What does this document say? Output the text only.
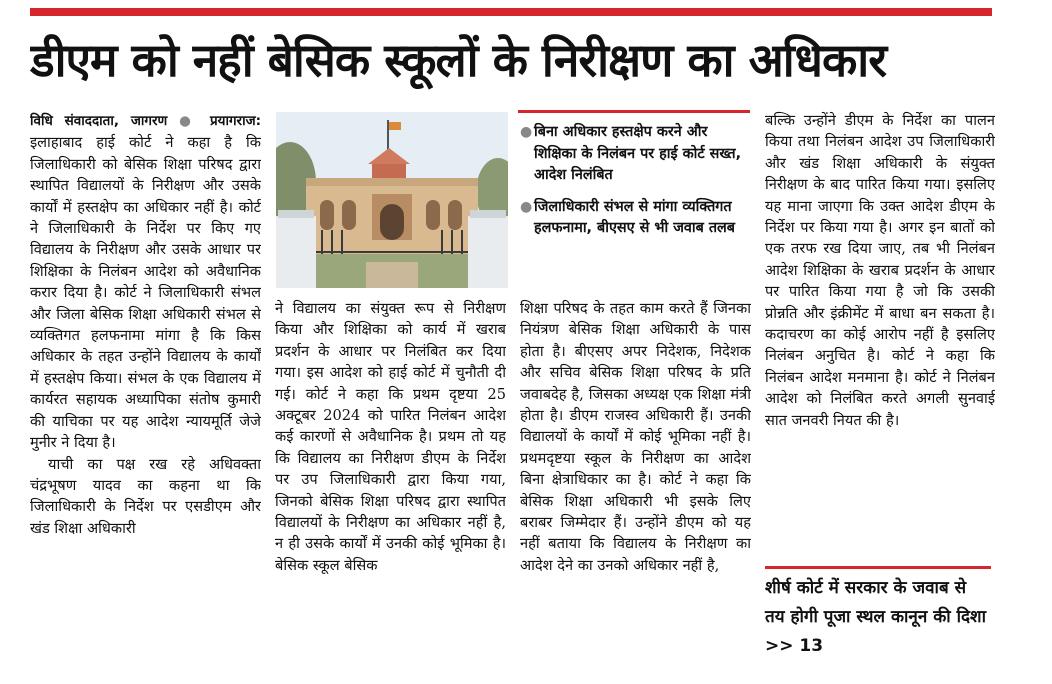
डीएम को नहीं बेसिक स्कूलों के निरीक्षण का अधिकार

विधि संवाददाता, जागरण ● प्रयागराज: इलाहाबाद हाई कोर्ट ने कहा है कि जिलाधिकारी को बेसिक शिक्षा परिषद द्वारा स्थापित विद्यालयों के निरीक्षण और उसके कार्यों में हस्तक्षेप का अधिकार नहीं है। कोर्ट ने जिलाधिकारी के निर्देश पर किए गए विद्यालय के निरीक्षण और उसके आधार पर शिक्षिका के निलंबन आदेश को अवैधानिक करार दिया है। कोर्ट ने जिलाधिकारी संभल और जिला बेसिक शिक्षा अधिकारी संभल से व्यक्तिगत हलफनामा मांगा है कि किस अधिकार के तहत उन्होंने विद्यालय के कार्यों में हस्तक्षेप किया। संभल के एक विद्यालय में कार्यरत सहायक अध्यापिका संतोष कुमारी की याचिका पर यह आदेश न्यायमूर्ति जेजे मुनीर ने दिया है।

याची का पक्ष रख रहे अधिवक्ता चंद्रभूषण यादव का कहना था कि जिलाधिकारी के निर्देश पर एसडीएम और खंड शिक्षा अधिकारी

● बिना अधिकार हस्तक्षेप करने और शिक्षिका के निलंबन पर हाई कोर्ट सख्त, आदेश निलंबित
● जिलाधिकारी संभल से मांगा व्यक्तिगत हलफनामा, बीएसए से भी जवाब तलब

ने विद्यालय का संयुक्त रूप से निरीक्षण किया और शिक्षिका को कार्य में खराब प्रदर्शन के आधार पर निलंबित कर दिया गया। इस आदेश को हाई कोर्ट में चुनौती दी गई। कोर्ट ने कहा कि प्रथम दृष्टया 25 अक्टूबर 2024 को पारित निलंबन आदेश कई कारणों से अवैधानिक है। प्रथम तो यह कि विद्यालय का निरीक्षण डीएम के निर्देश पर उप जिलाधिकारी द्वारा किया गया, जिनको बेसिक शिक्षा परिषद द्वारा स्थापित विद्यालयों के निरीक्षण का अधिकार नहीं है, न ही उसके कार्यों में उनकी कोई भूमिका है। बेसिक स्कूल बेसिक

शिक्षा परिषद के तहत काम करते हैं जिनका नियंत्रण बेसिक शिक्षा अधिकारी के पास होता है। बीएसए अपर निदेशक, निदेशक और सचिव बेसिक शिक्षा परिषद के प्रति जवाबदेह है, जिसका अध्यक्ष एक शिक्षा मंत्री होता है। डीएम राजस्व अधिकारी हैं। उनकी विद्यालयों के कार्यों में कोई भूमिका नहीं है। प्रथमदृष्टया स्कूल के निरीक्षण का आदेश बिना क्षेत्राधिकार का है। कोर्ट ने कहा कि बेसिक शिक्षा अधिकारी भी इसके लिए बराबर जिम्मेदार हैं। उन्होंने डीएम को यह नहीं बताया कि विद्यालय के निरीक्षण का आदेश देने का उनको अधिकार नहीं है,

बल्कि उन्होंने डीएम के निर्देश का पालन किया तथा निलंबन आदेश उप जिलाधिकारी और खंड शिक्षा अधिकारी के संयुक्त निरीक्षण के बाद पारित किया गया। इसलिए यह माना जाएगा कि उक्त आदेश डीएम के निर्देश पर किया गया है। अगर इन बातों को एक तरफ रख दिया जाए, तब भी निलंबन आदेश शिक्षिका के खराब प्रदर्शन के आधार पर पारित किया गया है जो कि उसकी प्रोन्नति और इंक्रीमेंट में बाधा बन सकता है। कदाचरण का कोई आरोप नहीं है इसलिए निलंबन अनुचित है। कोर्ट ने कहा कि निलंबन आदेश मनमाना है। कोर्ट ने निलंबन आदेश को निलंबित करते अगली सुनवाई सात जनवरी नियत की है।

शीर्ष कोर्ट में सरकार के जवाब से तय होगी पूजा स्थल कानून की दिशा >> 13
